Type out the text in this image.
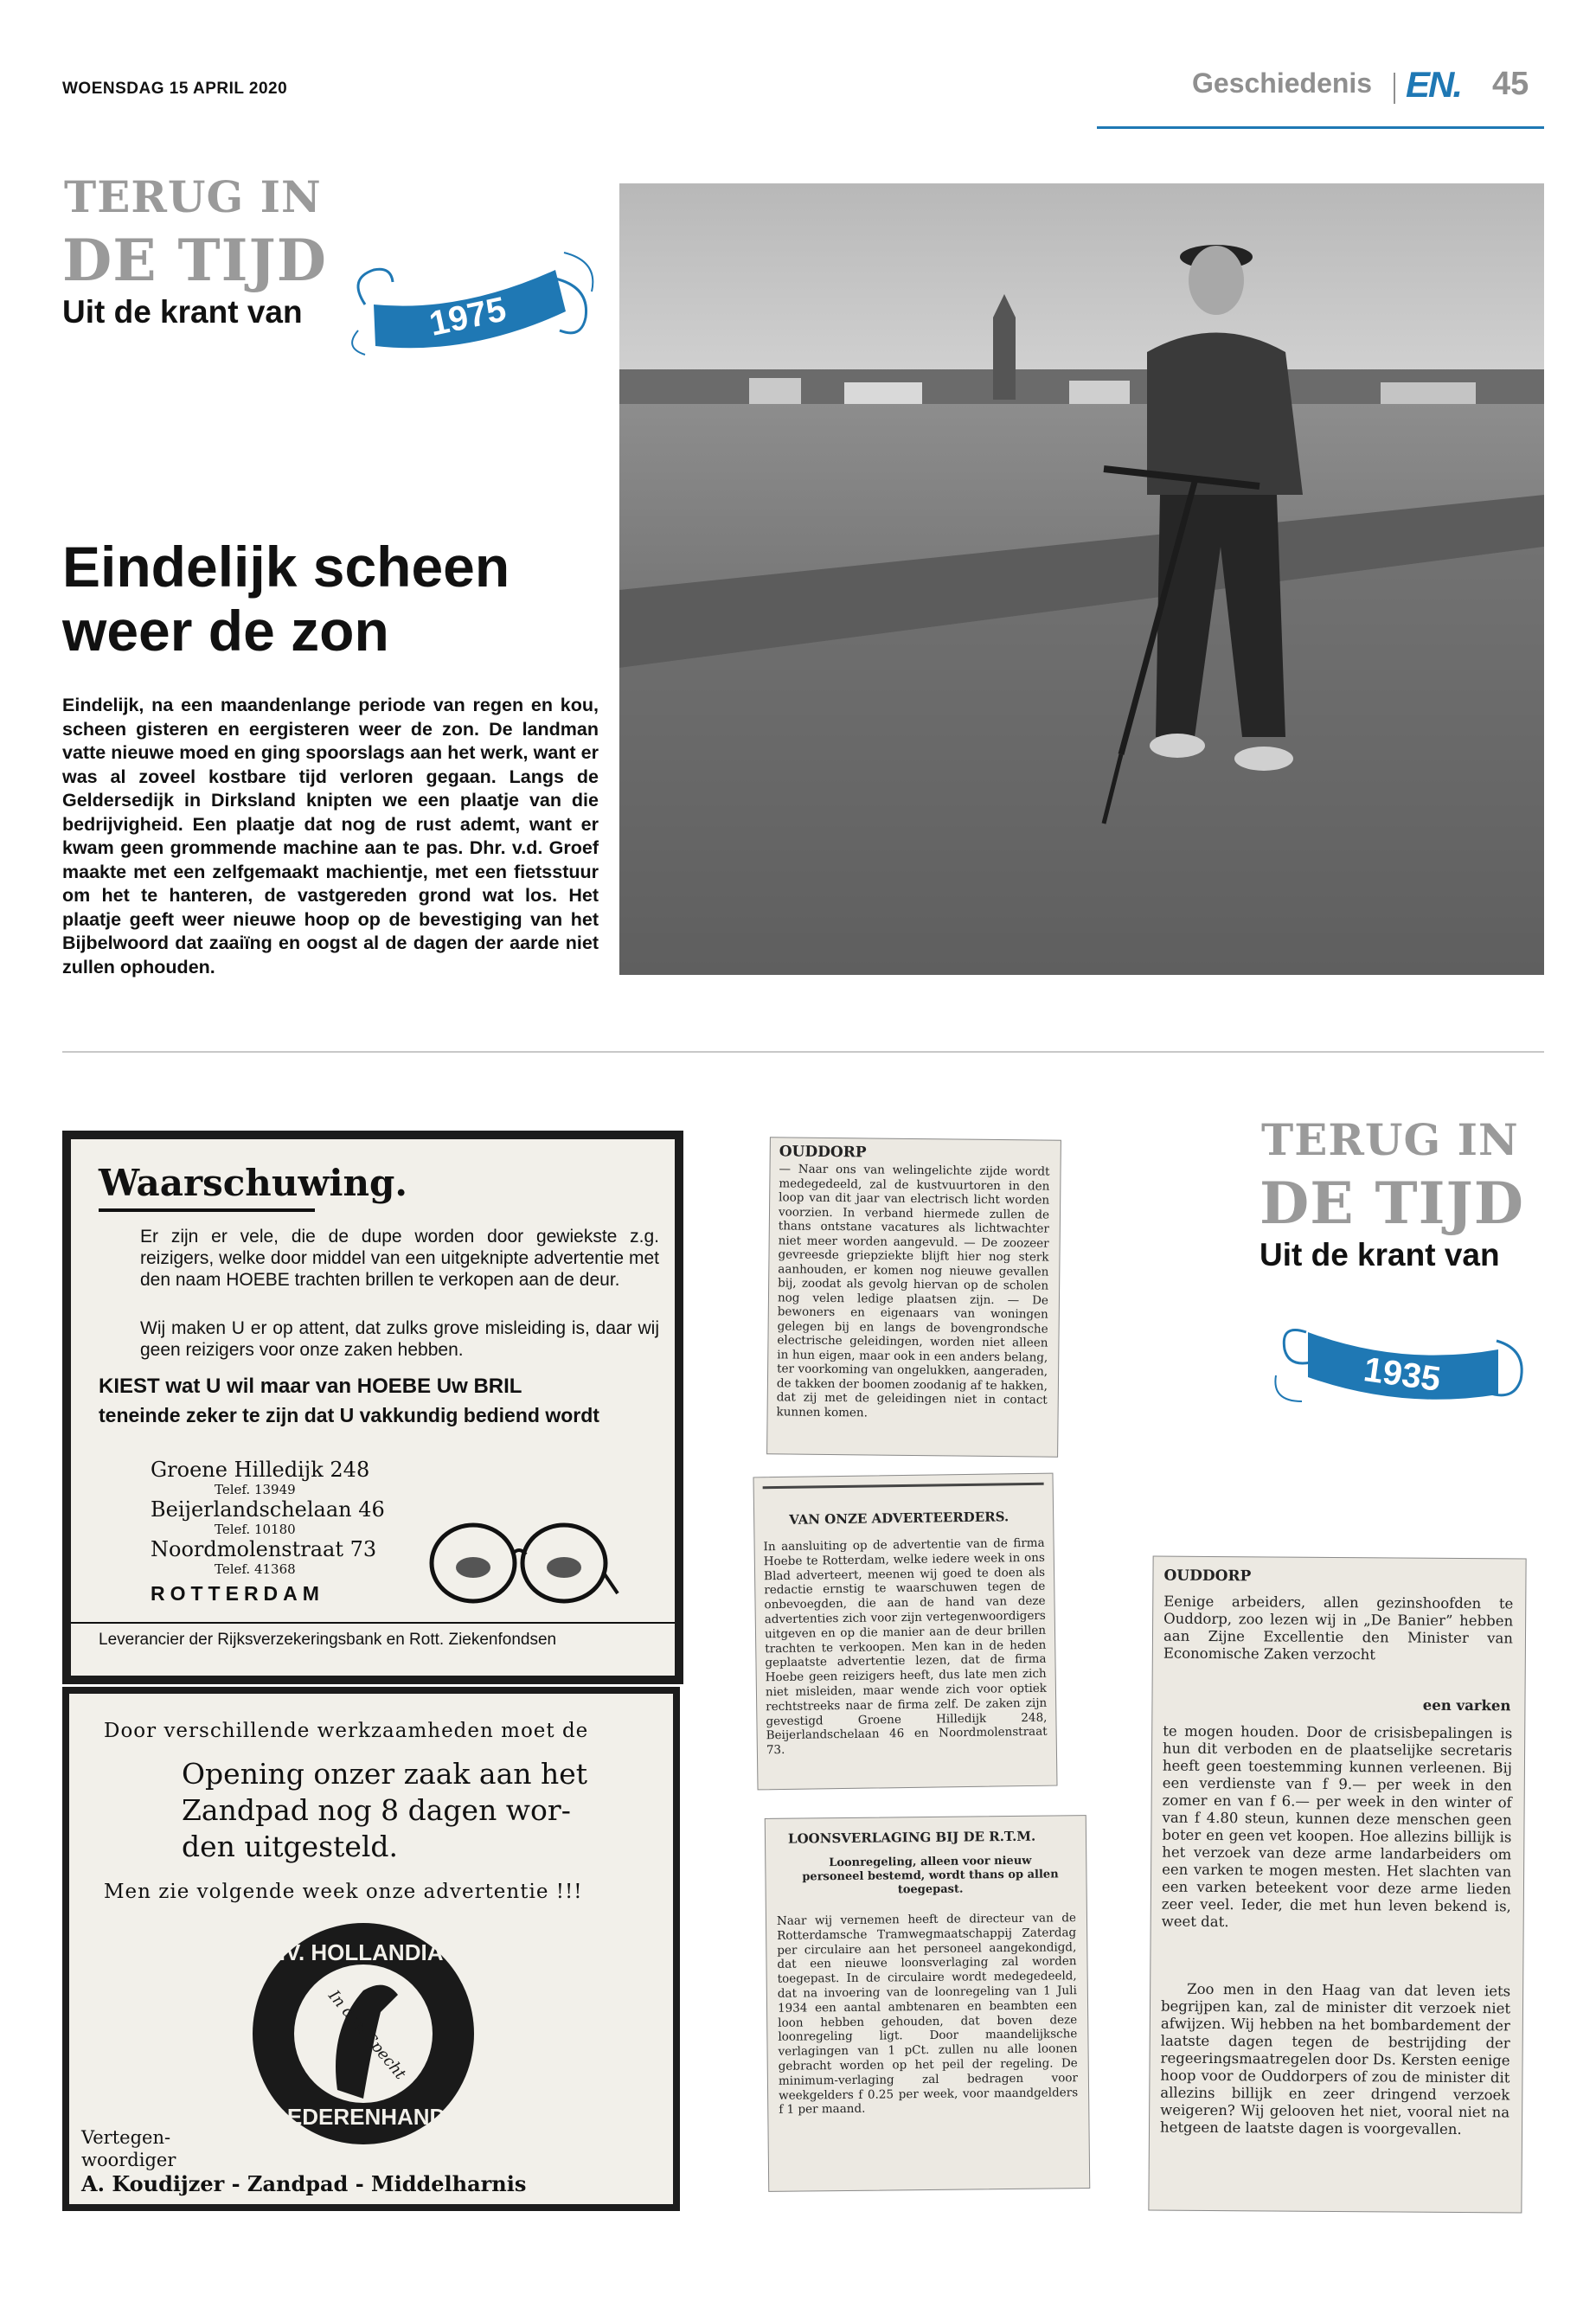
WOENSDAG 15 APRIL 2020	Geschiedenis EN. 45
TERUG IN
DE TIJD
Uit de krant van	1975
Eindelijk scheen
weer de zon
Eindelijk, na een maandenlange periode van regen en kou, scheen gisteren en eergisteren weer de zon. De landman vatte nieuwe moed en ging spoorslags aan het werk, want er was al zoveel kostbare tijd verloren gegaan. Langs de Geldersedijk in Dirksland knipten we een plaatje van die bedrijvigheid. Een plaatje dat nog de rust ademt, want er kwam geen grommende machine aan te pas. Dhr. v.d. Groef maakte met een zelfgemaakt machientje, met een fietsstuur om het te hanteren, de vastgereden grond wat los. Het plaatje geeft weer nieuwe hoop op de bevestiging van het Bijbelwoord dat zaaiïng en oogst al de dagen der aarde niet zullen ophouden.
TERUG IN
DE TIJD
Uit de krant van
1935
Waarschuwing.
Er zijn er vele, die de dupe worden door gewiekste z.g. reizigers, welke door middel van een uitgeknipte advertentie met den naam HOEBE trachten brillen te verkopen aan de deur.
Wij maken U er op attent, dat zulks grove misleiding is, daar wij geen reizigers voor onze zaken hebben.
KIEST wat U wil maar van HOEBE Uw BRIL
teneinde zeker te zijn dat U vakkundig bediend wordt
Groene Hilledijk 248
Telef. 13949
Beijerlandschelaan 46
Telef. 10180
Noordmolenstraat 73
Telef. 41368
ROTTERDAM
Leverancier der Rijksverzekeringsbank en Rott. Ziekenfondsen
Door verschillende werkzaamheden moet de
Opening onzer zaak aan het
Zandpad nog 8 dagen wor-
den uitgesteld.
Men zie volgende week onze advertentie !!!
N.V. HOLLANDIA'S
GOEDERENHANDEL
In den Specht
Vertegen-
woordiger
A. Koudijzer - Zandpad - Middelharnis
OUDDORP
— Naar ons van welingelichte zijde wordt medegedeeld, zal de kustvuurtoren in den loop van dit jaar van electrisch licht worden voorzien. In verband hiermede zullen de thans ontstane vacatures als lichtwachter niet meer worden aangevuld. — De zoozeer gevreesde griepziekte blijft hier nog sterk aanhouden, er komen nog nieuwe gevallen bij, zoodat als gevolg hiervan op de scholen nog velen ledige plaatsen zijn. — De bewoners en eigenaars van woningen gelegen bij en langs de bovengrondsche electrische geleidingen, worden niet alleen in hun eigen, maar ook in een anders belang, ter voorkoming van ongelukken, aangeraden, de takken der boomen zoodanig af te hakken, dat zij met de geleidingen niet in contact kunnen komen.
VAN ONZE ADVERTEERDERS.
In aansluiting op de advertentie van de firma Hoebe te Rotterdam, welke iedere week in ons Blad adverteert, meenen wij goed te doen als redactie ernstig te waarschuwen tegen de onbevoegden, die aan de hand van deze advertenties zich voor zijn vertegenwoordigers uitgeven en op die manier aan de deur brillen trachten te verkoopen. Men kan in de heden geplaatste advertentie lezen, dat de firma Hoebe geen reizigers heeft, dus late men zich niet misleiden, maar wende zich voor optiek rechtstreeks naar de firma zelf. De zaken zijn gevestigd Groene Hilledijk 248, Beijerlandschelaan 46 en Noordmolenstraat 73.
LOONSVERLAGING BIJ DE R.T.M.
Loonregeling, alleen voor nieuw personeel bestemd, wordt thans op allen toegepast.
Naar wij vernemen heeft de directeur van de Rotterdamsche Tramwegmaatschappij Zaterdag per circulaire aan het personeel aangekondigd, dat een nieuwe loonsverlaging zal worden toegepast. In de circulaire wordt medegedeeld, dat na invoering van de loonregeling van 1 Juli 1934 een aantal ambtenaren en beambten een loon hebben gehouden, dat boven deze loonregeling ligt. Door maandelijksche verlagingen van 1 pCt. zullen nu alle loonen gebracht worden op het peil der regeling. De minimum-verlaging zal bedragen voor weekgelders f 0.25 per week, voor maandgelders f 1 per maand.
OUDDORP
Eenige arbeiders, allen gezinshoofden te Ouddorp, zoo lezen wij in „De Banier” hebben aan Zijne Excellentie den Minister van Economische Zaken verzocht
een varken
te mogen houden. Door de crisisbepalingen is hun dit verboden en de plaatselijke secretaris heeft geen toestemming kunnen verleenen. Bij een verdienste van f 9.— per week in den zomer en van f 6.— per week in den winter of van f 4.80 steun, kunnen deze menschen geen boter en geen vet koopen. Hoe allezins billijk is het verzoek van deze arme landarbeiders om een varken te mogen mesten. Het slachten van een varken beteekent voor deze arme lieden zeer veel. Ieder, die met hun leven bekend is, weet dat.
Zoo men in den Haag van dat leven iets begrijpen kan, zal de minister dit verzoek niet afwijzen. Wij hebben na het bombardement der laatste dagen tegen de bestrijding der regeeringsmaatregelen door Ds. Kersten eenige hoop voor de Ouddorpers of zou de minister dit allezins billijk en zeer dringend verzoek weigeren? Wij gelooven het niet, vooral niet na hetgeen de laatste dagen is voorgevallen.
